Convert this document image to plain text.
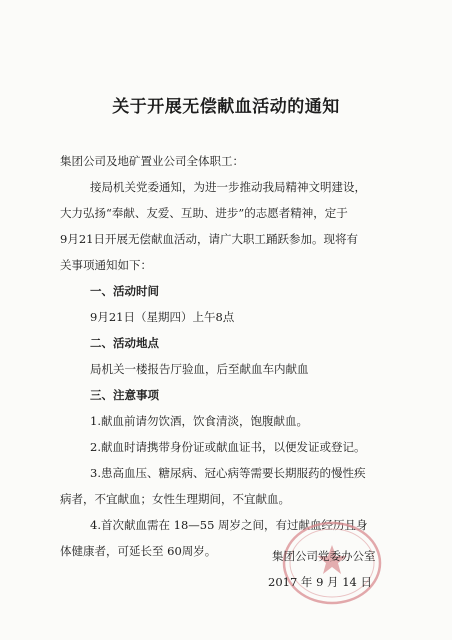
关于开展无偿献血活动的通知
集团公司及地矿置业公司全体职工：
接局机关党委通知，为进一步推动我局精神文明建设，
大力弘扬“奉献、友爱、互助、进步”的志愿者精神，定于
9月21日开展无偿献血活动，请广大职工踊跃参加。现将有
关事项通知如下：
一、活动时间
9月21日（星期四）上午8点
二、活动地点
局机关一楼报告厅验血，后至献血车内献血
三、注意事项
1.献血前请勿饮酒，饮食清淡，饱腹献血。
2.献血时请携带身份证或献血证书，以便发证或登记。
3.患高血压、糖尿病、冠心病等需要长期服药的慢性疾
病者，不宜献血；女性生理期间，不宜献血。
4.首次献血需在 18—55 周岁之间，有过献血经历且身
体健康者，可延长至 60周岁。	集团公司党委办公室
2017 年 9 月 14 日
